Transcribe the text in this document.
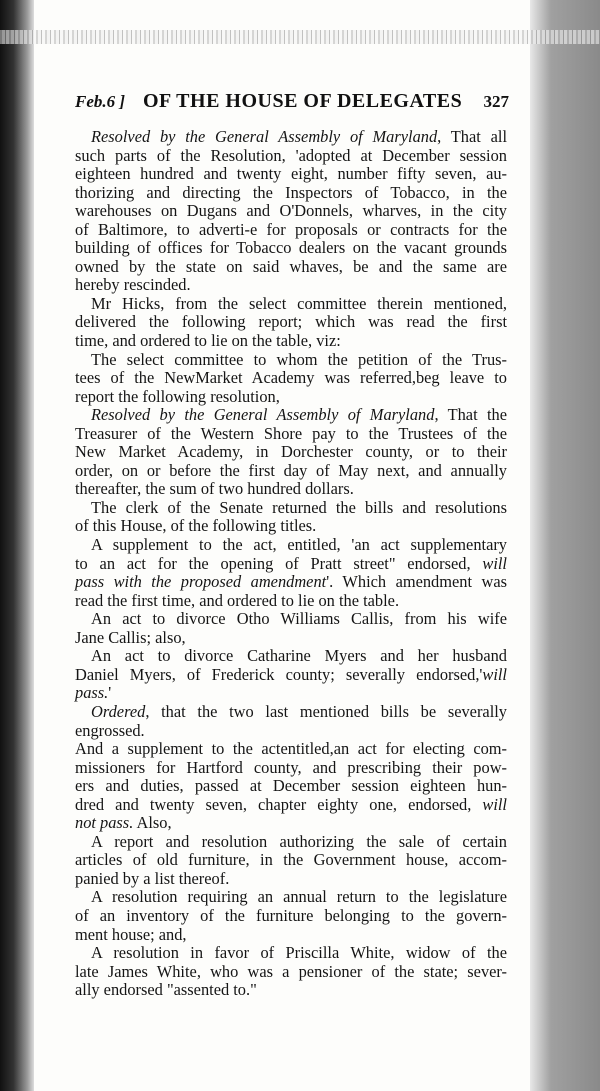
Feb.6 ] OF THE HOUSE OF DELEGATES 327
Resolved by the General Assembly of Maryland, That all
such parts of the Resolution, 'adopted at December session
eighteen hundred and twenty eight, number fifty seven, au-
thorizing and directing the Inspectors of Tobacco, in the
warehouses on Dugans and O'Donnels, wharves, in the city
of Baltimore, to adverti-e for proposals or contracts for the
building of offices for Tobacco dealers on the vacant grounds
owned by the state on said whaves, be and the same are
hereby rescinded.
Mr Hicks, from the select committee therein mentioned,
delivered the following report; which was read the first
time, and ordered to lie on the table, viz:
The select committee to whom the petition of the Trus-
tees of the NewMarket Academy was referred,beg leave to
report the following resolution,
Resolved by the General Assembly of Maryland, That the
Treasurer of the Western Shore pay to the Trustees of the
New Market Academy, in Dorchester county, or to their
order, on or before the first day of May next, and annually
thereafter, the sum of two hundred dollars.
The clerk of the Senate returned the bills and resolutions
of this House, of the following titles.
A supplement to the act, entitled, 'an act supplementary
to an act for the opening of Pratt street" endorsed, will
pass with the proposed amendment'. Which amendment was
read the first time, and ordered to lie on the table.
An act to divorce Otho Williams Callis, from his wife
Jane Callis; also,
An act to divorce Catharine Myers and her husband
Daniel Myers, of Frederick county; severally endorsed,'will
pass.'
Ordered, that the two last mentioned bills be severally
engrossed.
And a supplement to the actentitled,an act for electing com-
missioners for Hartford county, and prescribing their pow-
ers and duties, passed at December session eighteen hun-
dred and twenty seven, chapter eighty one, endorsed, will
not pass. Also,
A report and resolution authorizing the sale of certain
articles of old furniture, in the Government house, accom-
panied by a list thereof.
A resolution requiring an annual return to the legislature
of an inventory of the furniture belonging to the govern-
ment house; and,
A resolution in favor of Priscilla White, widow of the
late James White, who was a pensioner of the state; sever-
ally endorsed "assented to."
